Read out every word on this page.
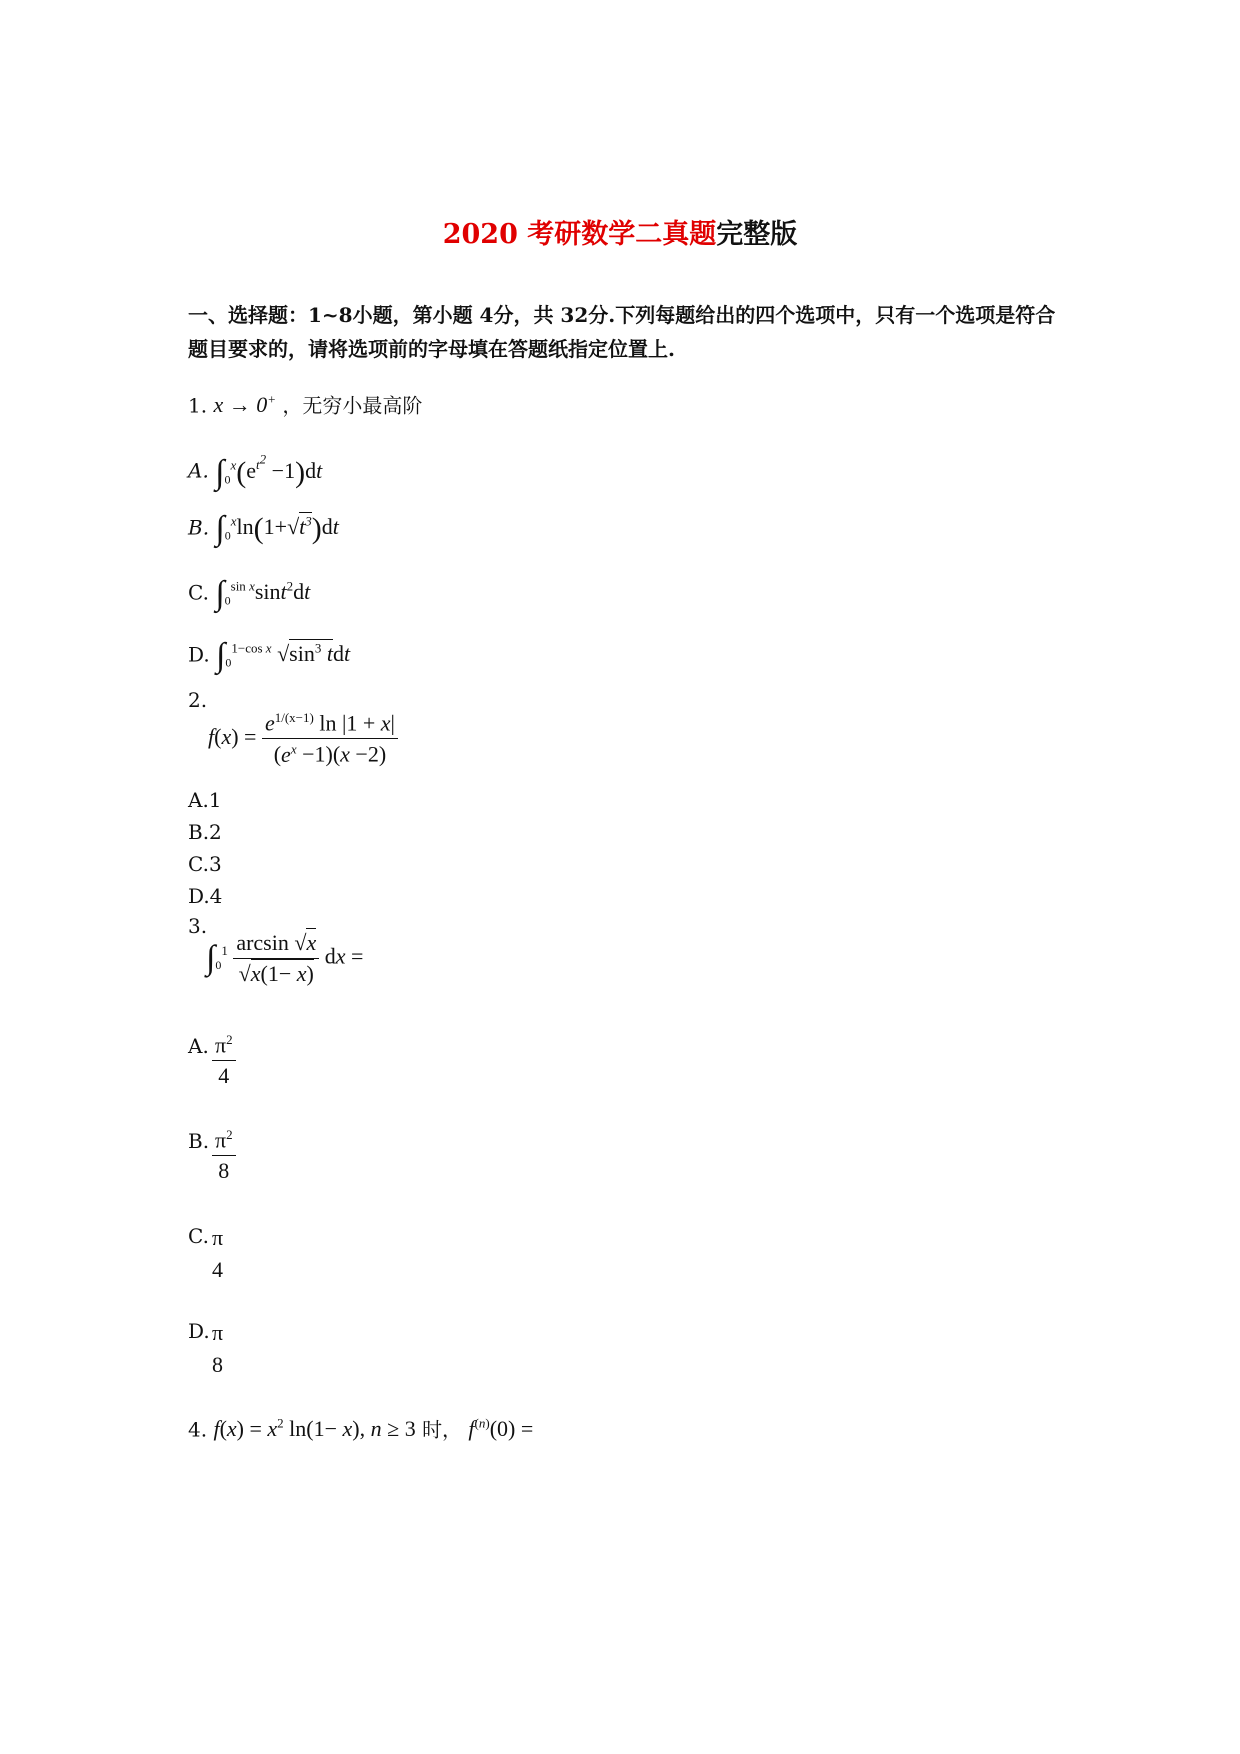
2020 考研数学二真题完整版
一、选择题：1~8小题，第小题 4分，共 32分.下列每题给出的四个选项中，只有一个选项是符合题目要求的，请将选项前的字母填在答题纸指定位置上.
1. x → 0+ ，无穷小最高阶
A. $\int_0^x(e^{t^2} -1)dt$
B. $\int_0^x\ln(1+√t^3)dt$
C. $\int_0^{sin x}\sin t^2dt$
D. $\int_0^{1-cos x}$ $√\sin^3$ tdt
2.
$f(x) = \frac{e^{1/(x-1)} \ln |1 + x|}{(e^x -1)(x -2)}$
A.1
B.2
C.3
D.4
3.
$\int_0^1 \frac{\arcsin √x}{√x(1- x)}$ dx =
A. $\frac{\pi^2}{4}$
B. $\frac{\pi^2}{8}$
C. π
4
D. π
8
4. $f(x) = x^2$ ln(1− x), n ≥ 3 时， $f^{(n)}(0)$ =
